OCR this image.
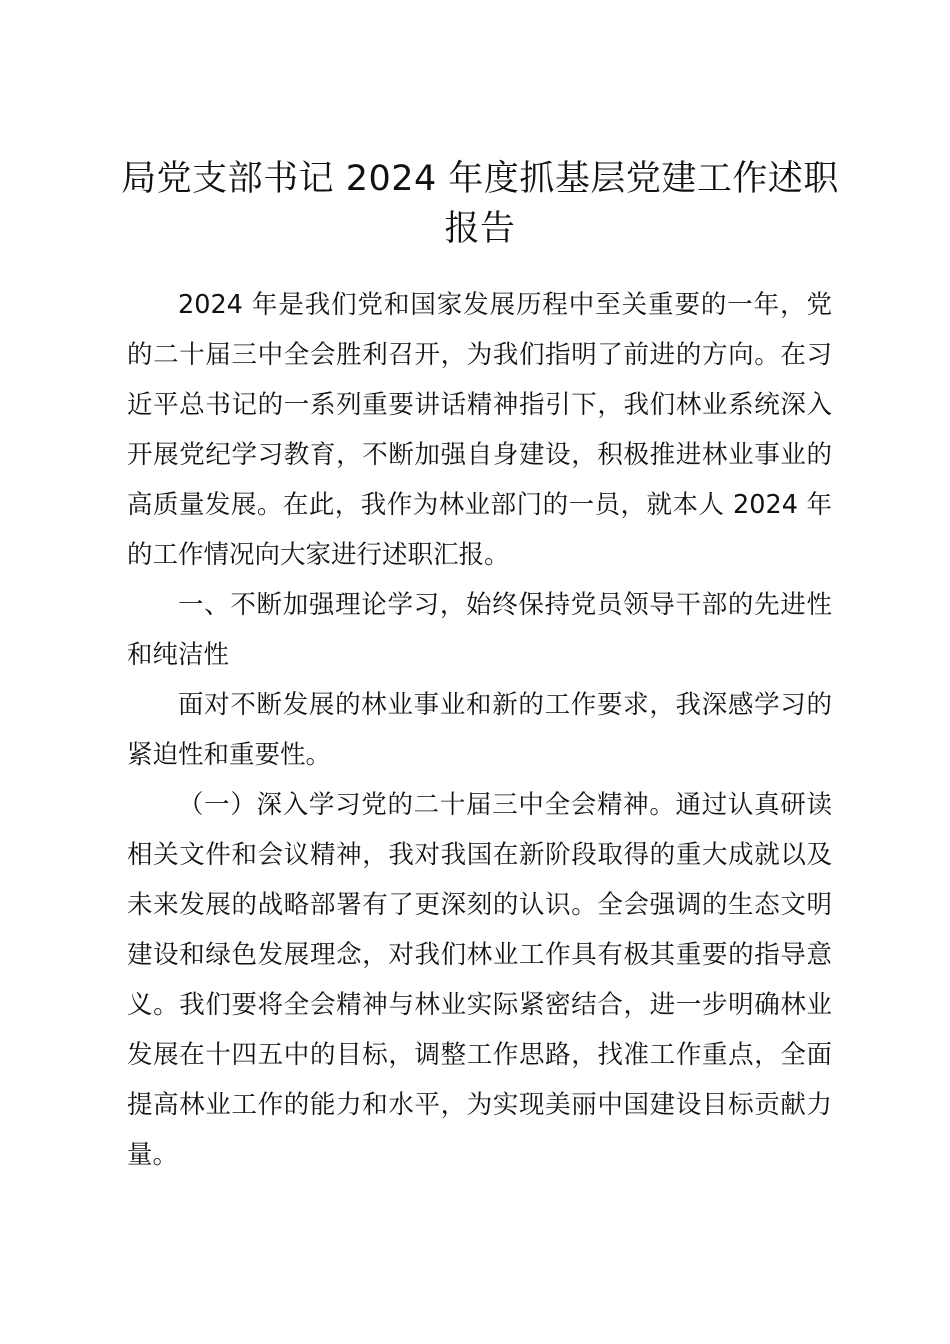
局党支部书记 2024 年度抓基层党建工作述职报告

2024 年是我们党和国家发展历程中至关重要的一年，党的二十届三中全会胜利召开，为我们指明了前进的方向。在习近平总书记的一系列重要讲话精神指引下，我们林业系统深入开展党纪学习教育，不断加强自身建设，积极推进林业事业的高质量发展。在此，我作为林业部门的一员，就本人 2024 年的工作情况向大家进行述职汇报。

一、不断加强理论学习，始终保持党员领导干部的先进性和纯洁性

面对不断发展的林业事业和新的工作要求，我深感学习的紧迫性和重要性。

（一）深入学习党的二十届三中全会精神。通过认真研读相关文件和会议精神，我对我国在新阶段取得的重大成就以及未来发展的战略部署有了更深刻的认识。全会强调的生态文明建设和绿色发展理念，对我们林业工作具有极其重要的指导意义。我们要将全会精神与林业实际紧密结合，进一步明确林业发展在十四五中的目标，调整工作思路，找准工作重点，全面提高林业工作的能力和水平，为实现美丽中国建设目标贡献力量。
